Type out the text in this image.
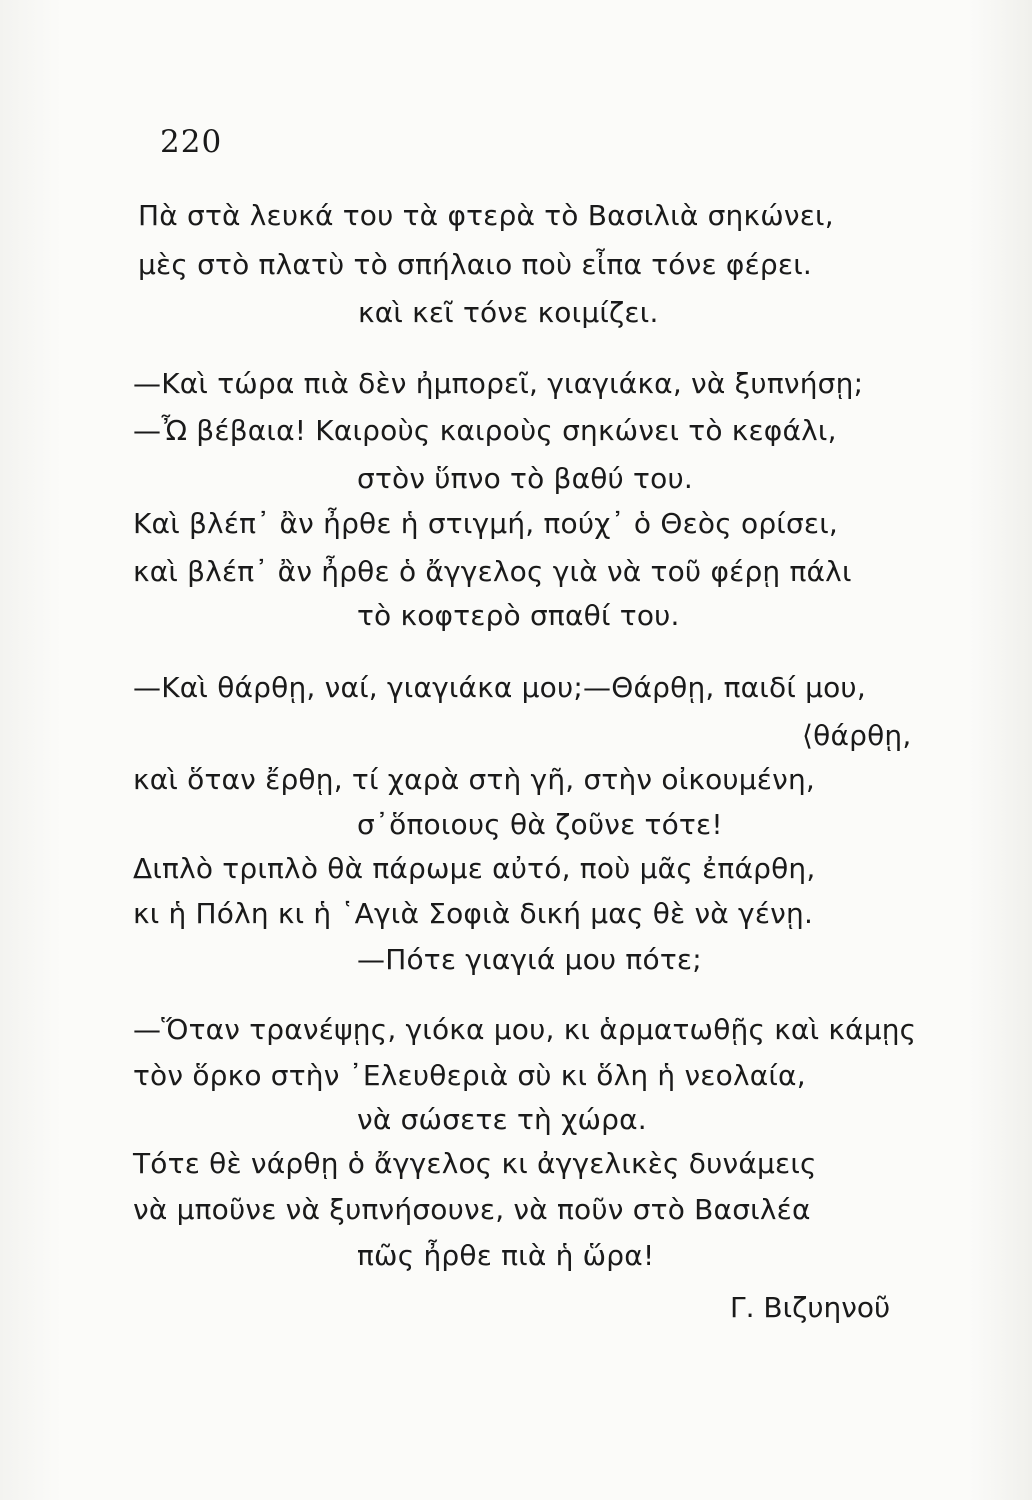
220
Πὰ στὰ λευκά του τὰ φτερὰ τὸ Βασιλιὰ σηκώνει,
μὲς στὸ πλατὺ τὸ σπήλαιο ποὺ εἶπα τόνε φέρει.
καὶ κεῖ τόνε κοιμίζει.
—Καὶ τώρα πιὰ δὲν ἠμπορεῖ, γιαγιάκα, νὰ ξυπνήσῃ;
—Ὦ βέβαια! Καιροὺς καιροὺς σηκώνει τὸ κεφάλι,
στὸν ὕπνο τὸ βαθύ του.
Καὶ βλέπ᾽ ἂν ἦρθε ἡ στιγμή, πούχ᾽ ὁ Θεὸς ορίσει,
καὶ βλέπ᾽ ἂν ἦρθε ὁ ἄγγελος γιὰ νὰ τοῦ φέρῃ πάλι
τὸ κοφτερὸ σπαθί του.
—Καὶ θάρθῃ, ναί, γιαγιάκα μου;—Θάρθῃ, παιδί μου,
⟨θάρθῃ,
καὶ ὅταν ἔρθῃ, τί χαρὰ στὴ γῆ, στὴν οἰκουμένη,
σ᾽ὅποιους θὰ ζοῦνε τότε!
Διπλὸ τριπλὸ θὰ πάρωμε αὐτό, ποὺ μᾶς ἐπάρθη,
κι ἡ Πόλη κι ἡ ῾Αγιὰ Σοφιὰ δική μας θὲ νὰ γένῃ.
—Πότε γιαγιά μου πότε;
—Ὅταν τρανέψῃς, γιόκα μου, κι ἁρματωθῇς καὶ κάμῃς
τὸν ὅρκο στὴν ᾽Ελευθεριὰ σὺ κι ὅλη ἡ νεολαία,
νὰ σώσετε τὴ χώρα.
Τότε θὲ νάρθῃ ὁ ἄγγελος κι ἀγγελικὲς δυνάμεις
νὰ μποῦνε νὰ ξυπνήσουνε, νὰ ποῦν στὸ Βασιλέα
πῶς ἦρθε πιὰ ἡ ὥρα!
Γ. Βιζυηνοῦ
